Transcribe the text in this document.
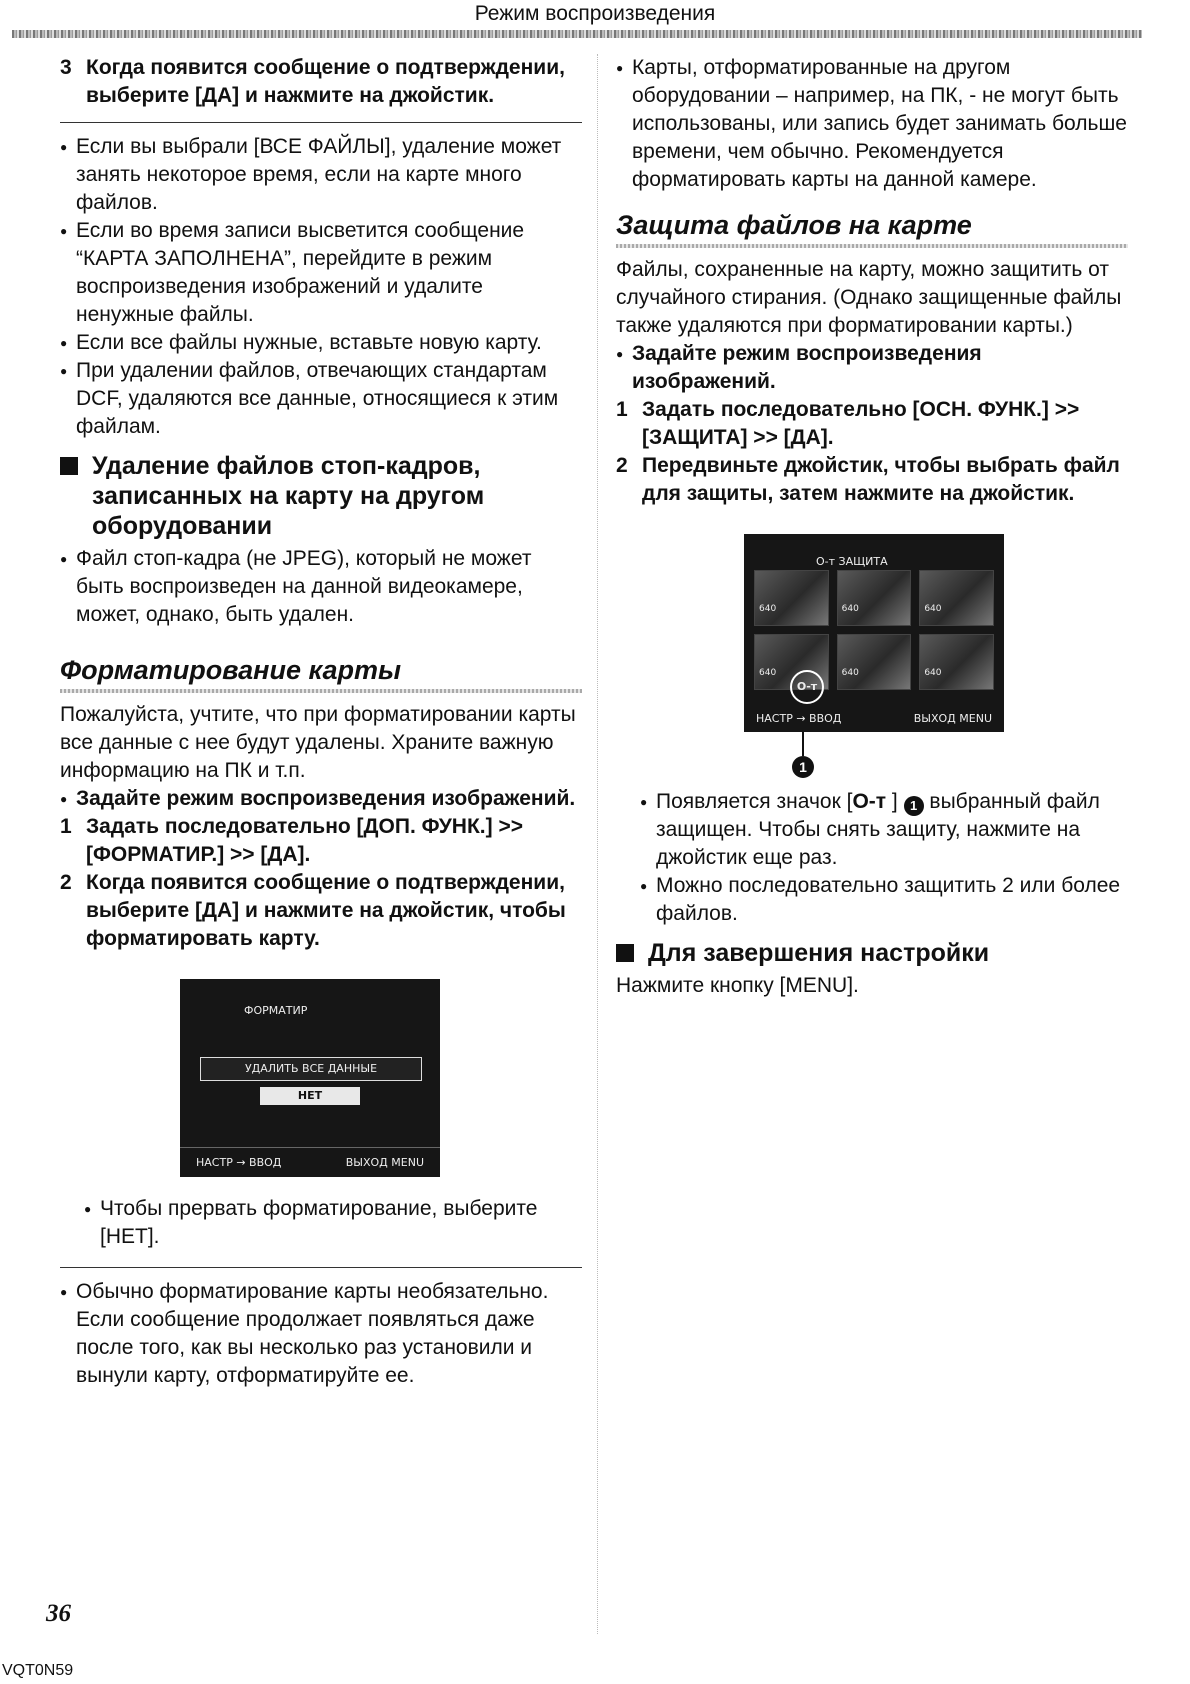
Режим воспроизведения
3 Когда появится сообщение о подтверждении, выберите [ДА] и нажмите на джойстик.
● Если вы выбрали [ВСЕ ФАЙЛЫ], удаление может занять некоторое время, если на карте много файлов.
● Если во время записи высветится сообщение “КАРТА ЗАПОЛНЕНА”, перейдите в режим воспроизведения изображений и удалите ненужные файлы.
● Если все файлы нужные, вставьте новую карту.
● При удалении файлов, отвечающих стандартам DCF, удаляются все данные, относящиеся к этим файлам.
Удаление файлов стоп-кадров, записанных на карту на другом оборудовании
● Файл стоп-кадра (не JPEG), который не может быть воспроизведен на данной видеокамере, может, однако, быть удален.
Форматирование карты
Пожалуйста, учтите, что при форматировании карты все данные с нее будут удалены. Храните важную информацию на ПК и т.п.
● Задайте режим воспроизведения изображений.
1 Задать последовательно [ДОП. ФУНК.] >> [ФОРМАТИР.] >> [ДА].
2 Когда появится сообщение о подтверждении, выберите [ДА] и нажмите на джойстик, чтобы форматировать карту.
ФОРМАТИР
УДАЛИТЬ ВСЕ ДАННЫЕ
НЕТ
НАСТР → ВВОД	ВЫХОД MENU
● Чтобы прервать форматирование, выберите [НЕТ].
● Обычно форматирование карты необязательно. Если сообщение продолжает появляться даже после того, как вы несколько раз установили и вынули карту, отформатируйте ее.
● Карты, отформатированные на другом оборудовании – например, на ПК, - не могут быть использованы, или запись будет занимать больше времени, чем обычно. Рекомендуется форматировать карты на данной камере.
Защита файлов на карте
Файлы, сохраненные на карту, можно защитить от случайного стирания. (Однако защищенные файлы также удаляются при форматировании карты.)
● Задайте режим воспроизведения изображений.
1 Задать последовательно [ОСН. ФУНК.] >> [ЗАЩИТА] >> [ДА].
2 Передвиньте джойстик, чтобы выбрать файл для защиты, затем нажмите на джойстик.
О-т ЗАЩИТА
640	640	640
640	640	640
О-т
НАСТР → ВВОД	ВЫХОД MENU
1
● Появляется значок [О-т ] 1 выбранный файл защищен. Чтобы снять защиту, нажмите на джойстик еще раз.
● Можно последовательно защитить 2 или более файлов.
Для завершения настройки
Нажмите кнопку [MENU].
36
VQT0N59
